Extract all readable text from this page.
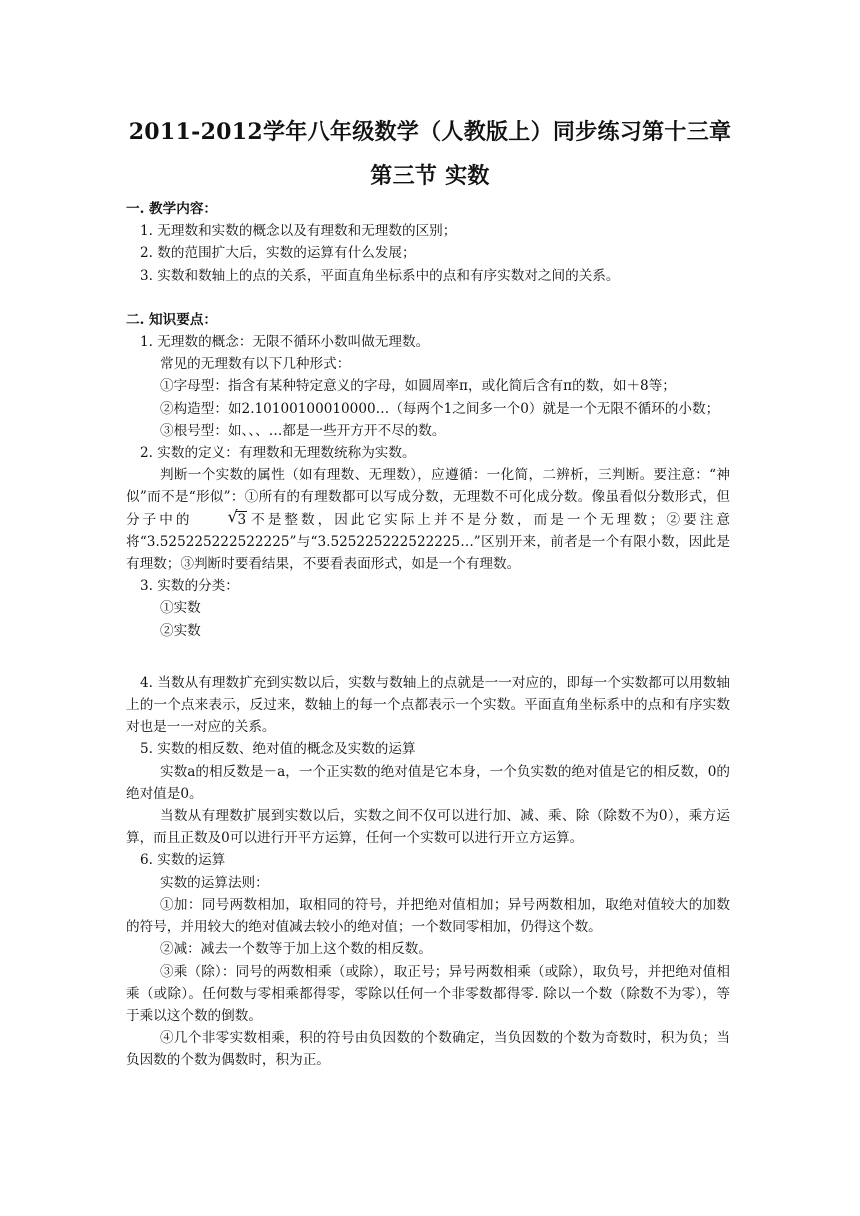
2011-2012学年八年级数学（人教版上）同步练习第十三章
第三节 实数

一. 教学内容：

1. 无理数和实数的概念以及有理数和无理数的区别；

2. 数的范围扩大后，实数的运算有什么发展；

3. 实数和数轴上的点的关系，平面直角坐标系中的点和有序实数对之间的关系。

二. 知识要点：

1. 无理数的概念：无限不循环小数叫做无理数。

常见的无理数有以下几种形式：

①字母型：指含有某种特定意义的字母，如圆周率π，或化简后含有π的数，如＋8等；

②构造型：如2.10100100010000…（每两个1之间多一个0）就是一个无限不循环的小数；

③根号型：如、、、…都是一些开方开不尽的数。

2. 实数的定义：有理数和无理数统称为实数。

判断一个实数的属性（如有理数、无理数），应遵循：一化简，二辨析，三判断。要注意：“神似”而不是“形似”：①所有的有理数都可以写成分数，无理数不可化成分数。像虽看似分数形式，但分子中的	√ 3 不是整数，因此它实际上并不是分数，而是一个无理数；②要注意将“3.525225222522225”与“3.525225222522225…”区别开来，前者是一个有限小数，因此是有理数；③判断时要看结果，不要看表面形式，如是一个有理数。

3. 实数的分类：

①实数

②实数

4. 当数从有理数扩充到实数以后，实数与数轴上的点就是一一对应的，即每一个实数都可以用数轴上的一个点来表示，反过来，数轴上的每一个点都表示一个实数。平面直角坐标系中的点和有序实数对也是一一对应的关系。

5. 实数的相反数、绝对值的概念及实数的运算

实数a的相反数是－a，一个正实数的绝对值是它本身，一个负实数的绝对值是它的相反数，0的绝对值是0。

当数从有理数扩展到实数以后，实数之间不仅可以进行加、减、乘、除（除数不为0），乘方运算，而且正数及0可以进行开平方运算，任何一个实数可以进行开立方运算。

6. 实数的运算

实数的运算法则：

①加：同号两数相加，取相同的符号，并把绝对值相加；异号两数相加，取绝对值较大的加数的符号，并用较大的绝对值减去较小的绝对值；一个数同零相加，仍得这个数。

②减：减去一个数等于加上这个数的相反数。

③乘（除）：同号的两数相乘（或除），取正号；异号两数相乘（或除），取负号，并把绝对值相乘（或除）。任何数与零相乘都得零，零除以任何一个非零数都得零. 除以一个数（除数不为零），等于乘以这个数的倒数。

④几个非零实数相乘，积的符号由负因数的个数确定，当负因数的个数为奇数时，积为负；当负因数的个数为偶数时，积为正。
